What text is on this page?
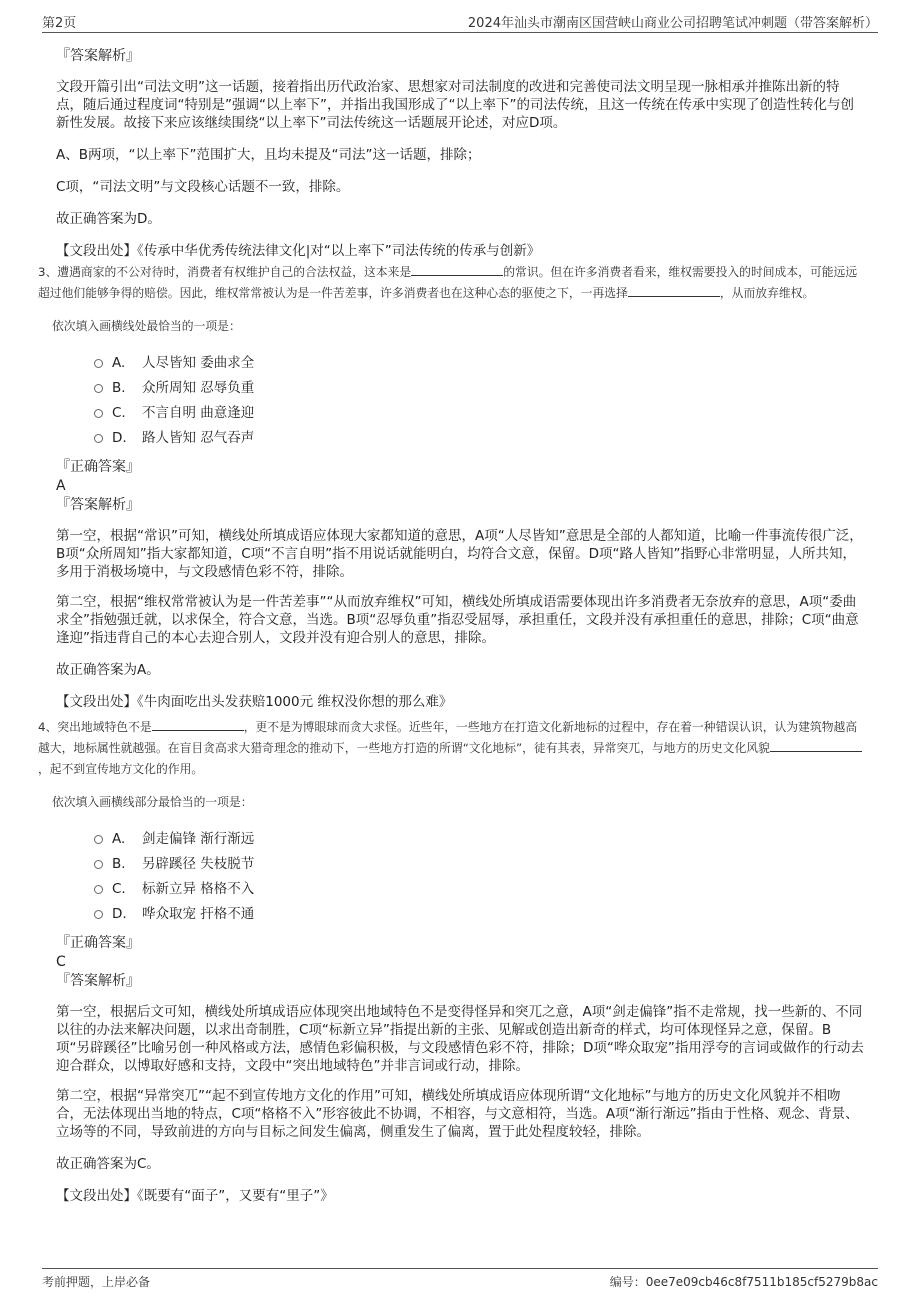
第2页	2024年汕头市潮南区国营峡山商业公司招聘笔试冲刺题（带答案解析）

『答案解析』

文段开篇引出“司法文明”这一话题，接着指出历代政治家、思想家对司法制度的改进和完善使司法文明呈现一脉相承并推陈出新的特点，随后通过程度词“特别是”强调“以上率下”，并指出我国形成了“以上率下”的司法传统，且这一传统在传承中实现了创造性转化与创新性发展。故接下来应该继续围绕“以上率下”司法传统这一话题展开论述，对应D项。

A、B两项，“以上率下”范围扩大，且均未提及“司法”这一话题，排除；

C项，“司法文明”与文段核心话题不一致，排除。

故正确答案为D。

【文段出处】《传承中华优秀传统法律文化|对“以上率下”司法传统的传承与创新》

3、遭遇商家的不公对待时，消费者有权维护自己的合法权益，这本来是	的常识。但在许多消费者看来，维权需要投入的时间成本，可能远远超过他们能够争得的赔偿。因此，维权常常被认为是一件苦差事，许多消费者也在这种心态的驱使之下，一再选择	，从而放弃维权。

依次填入画横线处最恰当的一项是：

A. 人尽皆知 委曲求全
B. 众所周知 忍辱负重
C. 不言自明 曲意逢迎
D. 路人皆知 忍气吞声

『正确答案』

A

『答案解析』

第一空，根据“常识”可知，横线处所填成语应体现大家都知道的意思，A项“人尽皆知”意思是全部的人都知道，比喻一件事流传很广泛，B项“众所周知”指大家都知道，C项“不言自明”指不用说话就能明白，均符合文意，保留。D项“路人皆知”指野心非常明显，人所共知，多用于消极场境中，与文段感情色彩不符，排除。

第二空，根据“维权常常被认为是一件苦差事”“从而放弃维权”可知，横线处所填成语需要体现出许多消费者无奈放弃的意思，A项“委曲求全”指勉强迁就，以求保全，符合文意，当选。B项“忍辱负重”指忍受屈辱，承担重任，文段并没有承担重任的意思，排除；C项“曲意逢迎”指违背自己的本心去迎合别人，文段并没有迎合别人的意思，排除。

故正确答案为A。

【文段出处】《牛肉面吃出头发获赔1000元 维权没你想的那么难》

4、突出地域特色不是	，更不是为博眼球而贪大求怪。近些年，一些地方在打造文化新地标的过程中，存在着一种错误认识，认为建筑物越高越大，地标属性就越强。在盲目贪高求大猎奇理念的推动下，一些地方打造的所谓“文化地标”，徒有其表，异常突兀，与地方的历史文化风貌，起不到宣传地方文化的作用。

依次填入画横线部分最恰当的一项是：

A. 剑走偏锋 渐行渐远
B. 另辟蹊径 失枝脱节
C. 标新立异 格格不入
D. 哗众取宠 扞格不通

『正确答案』

C

『答案解析』

第一空，根据后文可知，横线处所填成语应体现突出地域特色不是变得怪异和突兀之意，A项“剑走偏锋”指不走常规，找一些新的、不同以往的办法来解决问题，以求出奇制胜，C项“标新立异”指提出新的主张、见解或创造出新奇的样式，均可体现怪异之意，保留。B项“另辟蹊径”比喻另创一种风格或方法，感情色彩偏积极，与文段感情色彩不符，排除；D项“哗众取宠”指用浮夸的言词或做作的行动去迎合群众，以博取好感和支持，文段中“突出地域特色”并非言词或行动，排除。

第二空，根据“异常突兀”“起不到宣传地方文化的作用”可知，横线处所填成语应体现所谓“文化地标”与地方的历史文化风貌并不相吻合，无法体现出当地的特点，C项“格格不入”形容彼此不协调，不相容，与文意相符，当选。A项“渐行渐远”指由于性格、观念、背景、立场等的不同，导致前进的方向与目标之间发生偏离，侧重发生了偏离，置于此处程度较轻，排除。

故正确答案为C。

【文段出处】《既要有“面子”，又要有“里子”》

考前押题，上岸必备	编号：0ee7e09cb46c8f7511b185cf5279b8ac
